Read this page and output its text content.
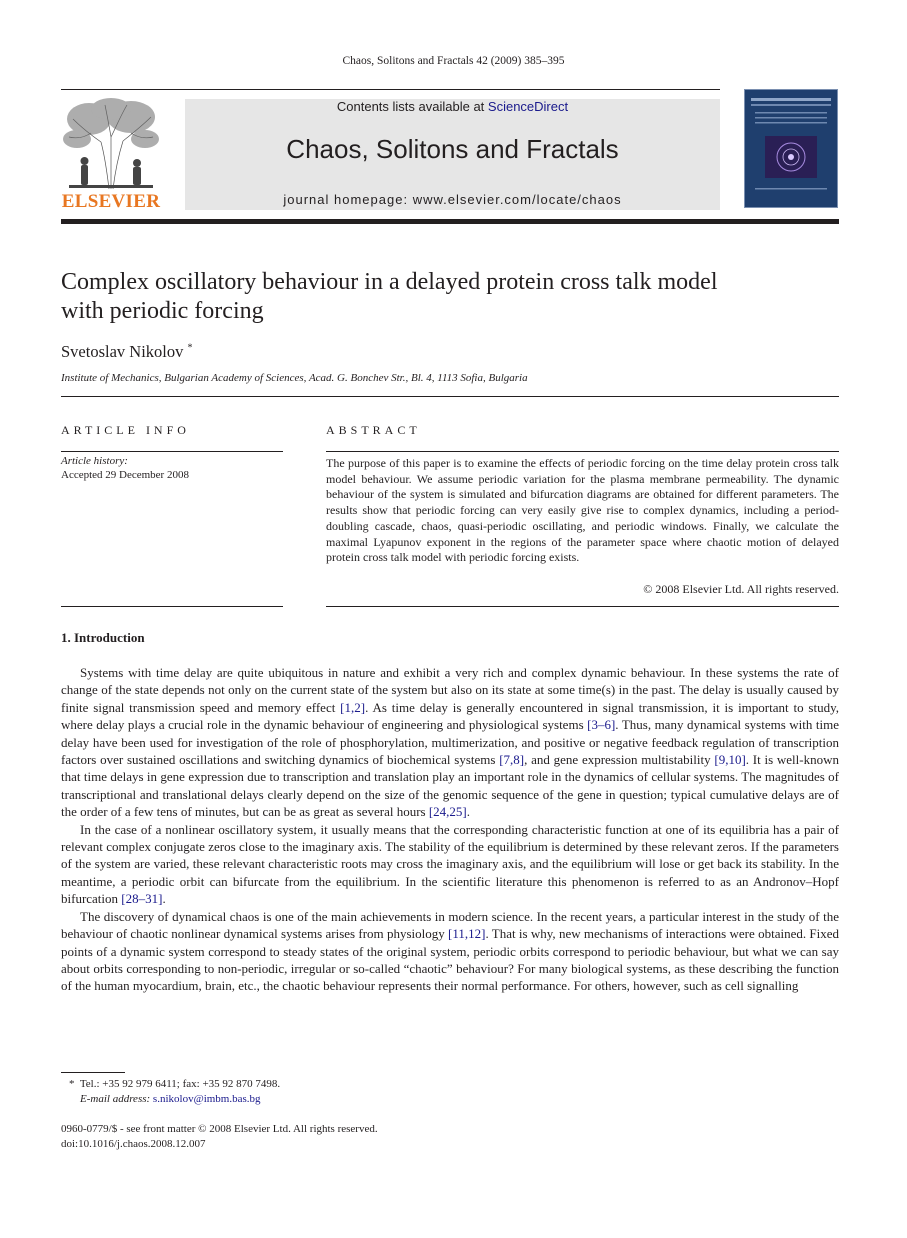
Chaos, Solitons and Fractals 42 (2009) 385–395
ELSEVIER
Contents lists available at ScienceDirect
Chaos, Solitons and Fractals
journal homepage: www.elsevier.com/locate/chaos
Complex oscillatory behaviour in a delayed protein cross talk model
with periodic forcing
Svetoslav Nikolov *
Institute of Mechanics, Bulgarian Academy of Sciences, Acad. G. Bonchev Str., Bl. 4, 1113 Sofia, Bulgaria
ARTICLE INFO	ABSTRACT
Article history:
Accepted 29 December 2008
The purpose of this paper is to examine the effects of periodic forcing on the time delay protein cross talk model behaviour. We assume periodic variation for the plasma membrane permeability. The dynamic behaviour of the system is simulated and bifurcation diagrams are obtained for different parameters. The results show that periodic forcing can very easily give rise to complex dynamics, including a period-doubling cascade, chaos, quasi-periodic oscillating, and periodic windows. Finally, we calculate the maximal Lyapunov exponent in the regions of the parameter space where chaotic motion of delayed protein cross talk model with periodic forcing exists.
© 2008 Elsevier Ltd. All rights reserved.
1. Introduction

Systems with time delay are quite ubiquitous in nature and exhibit a very rich and complex dynamic behaviour. In these systems the rate of change of the state depends not only on the current state of the system but also on its state at some time(s) in the past. The delay is usually caused by finite signal transmission speed and memory effect [1,2]. As time delay is generally encountered in signal transmission, it is important to study, where delay plays a crucial role in the dynamic behaviour of engineering and physiological systems [3–6]. Thus, many dynamical systems with time delay have been used for investigation of the role of phosphorylation, multimerization, and positive or negative feedback regulation of transcription factors over sustained oscillations and switching dynamics of biochemical systems [7,8], and gene expression multistability [9,10]. It is well-known that time delays in gene expression due to transcription and translation play an important role in the dynamics of cellular systems. The magnitudes of transcriptional and translational delays clearly depend on the size of the genomic sequence of the gene in question; typical cumulative delays are of the order of a few tens of minutes, but can be as great as several hours [24,25].

In the case of a nonlinear oscillatory system, it usually means that the corresponding characteristic function at one of its equilibria has a pair of relevant complex conjugate zeros close to the imaginary axis. The stability of the equilibrium is determined by these relevant zeros. If the parameters of the system are varied, these relevant characteristic roots may cross the imaginary axis, and the equilibrium will lose or get back its stability. In the meantime, a periodic orbit can bifurcate from the equilibrium. In the scientific literature this phenomenon is referred to as an Andronov–Hopf bifurcation [28–31].

The discovery of dynamical chaos is one of the main achievements in modern science. In the recent years, a particular interest in the study of the behaviour of chaotic nonlinear dynamical systems arises from physiology [11,12]. That is why, new mechanisms of interactions were obtained. Fixed points of a dynamic system correspond to steady states of the original system, periodic orbits correspond to periodic behaviour, but what we can say about orbits corresponding to non-periodic, irregular or so-called “chaotic” behaviour? For many biological systems, as these describing the function of the human myocardium, brain, etc., the chaotic behaviour represents their normal performance. For others, however, such as cell signalling

* Tel.: +35 92 979 6411; fax: +35 92 870 7498.
E-mail address: s.nikolov@imbm.bas.bg
0960-0779/$ - see front matter © 2008 Elsevier Ltd. All rights reserved.
doi:10.1016/j.chaos.2008.12.007
